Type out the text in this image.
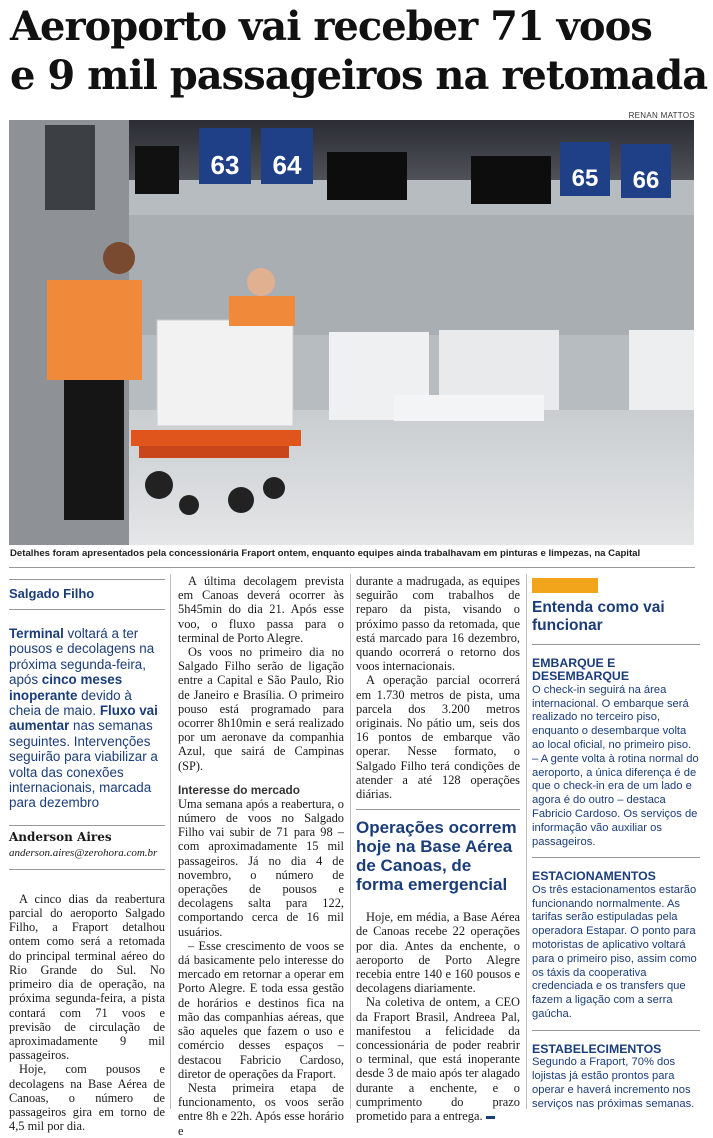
Aeroporto vai receber 71 voos
e 9 mil passageiros na retomada
RENAN MATTOS
63 64	65 66
Detalhes foram apresentados pela concessionária Fraport ontem, enquanto equipes ainda trabalhavam em pinturas e limpezas, na Capital
Salgado Filho
Terminal voltará a ter pousos e decolagens na próxima segunda-feira, após cinco meses inoperante devido à cheia de maio. Fluxo vai aumentar nas semanas seguintes. Intervenções seguirão para viabilizar a volta das conexões internacionais, marcada para dezembro
Anderson Aires
anderson.aires@zerohora.com.br

A cinco dias da reabertura parcial do aeroporto Salgado Filho, a Fraport detalhou ontem como será a retomada do principal terminal aéreo do Rio Grande do Sul. No primeiro dia de operação, na próxima segunda-feira, a pista contará com 71 voos e previsão de circulação de aproximadamente 9 mil passageiros.

Hoje, com pousos e decolagens na Base Aérea de Canoas, o número de passageiros gira em torno de 4,5 mil por dia.

A última decolagem prevista em Canoas deverá ocorrer às 5h45min do dia 21. Após esse voo, o fluxo passa para o terminal de Porto Alegre.

Os voos no primeiro dia no Salgado Filho serão de ligação entre a Capital e São Paulo, Rio de Janeiro e Brasília. O primeiro pouso está programado para ocorrer 8h10min e será realizado por um aeronave da companhia Azul, que sairá de Campinas (SP).

Interesse do mercado

Uma semana após a reabertura, o número de voos no Salgado Filho vai subir de 71 para 98 – com aproximadamente 15 mil passageiros. Já no dia 4 de novembro, o número de operações de pousos e decolagens salta para 122, comportando cerca de 16 mil usuários.

– Esse crescimento de voos se dá basicamente pelo interesse do mercado em retornar a operar em Porto Alegre. E toda essa gestão de horários e destinos fica na mão das companhias aéreas, que são aqueles que fazem o uso e comércio desses espaços – destacou Fabricio Cardoso, diretor de operações da Fraport.

Nesta primeira etapa de funcionamento, os voos serão entre 8h e 22h. Após esse horário e

durante a madrugada, as equipes seguirão com trabalhos de reparo da pista, visando o próximo passo da retomada, que está marcado para 16 dezembro, quando ocorrerá o retorno dos voos internacionais.

A operação parcial ocorrerá em 1.730 metros de pista, uma parcela dos 3.200 metros originais. No pátio um, seis dos 16 pontos de embarque vão operar. Nesse formato, o Salgado Filho terá condições de atender a até 128 operações diárias.

Operações ocorrem hoje na Base Aérea de Canoas, de forma emergencial

Hoje, em média, a Base Aérea de Canoas recebe 22 operações por dia. Antes da enchente, o aeroporto de Porto Alegre recebia entre 140 e 160 pousos e decolagens diariamente.

Na coletiva de ontem, a CEO da Fraport Brasil, Andreea Pal, manifestou a felicidade da concessionária de poder reabrir o terminal, que está inoperante desde 3 de maio após ter alagado durante a enchente, e o cumprimento do prazo prometido para a entrega.

Entenda como vai funcionar
EMBARQUE E DESEMBARQUE
O check-in seguirá na área internacional. O embarque será realizado no terceiro piso, enquanto o desembarque volta ao local oficial, no primeiro piso. – A gente volta à rotina normal do aeroporto, a única diferença é de que o check-in era de um lado e agora é do outro – destaca Fabricio Cardoso. Os serviços de informação vão auxiliar os passageiros.
ESTACIONAMENTOS
Os três estacionamentos estarão funcionando normalmente. As tarifas serão estipuladas pela operadora Estapar. O ponto para motoristas de aplicativo voltará para o primeiro piso, assim como os táxis da cooperativa credenciada e os transfers que fazem a ligação com a serra gaúcha.
ESTABELECIMENTOS
Segundo a Fraport, 70% dos lojistas já estão prontos para operar e haverá incremento nos serviços nas próximas semanas.
